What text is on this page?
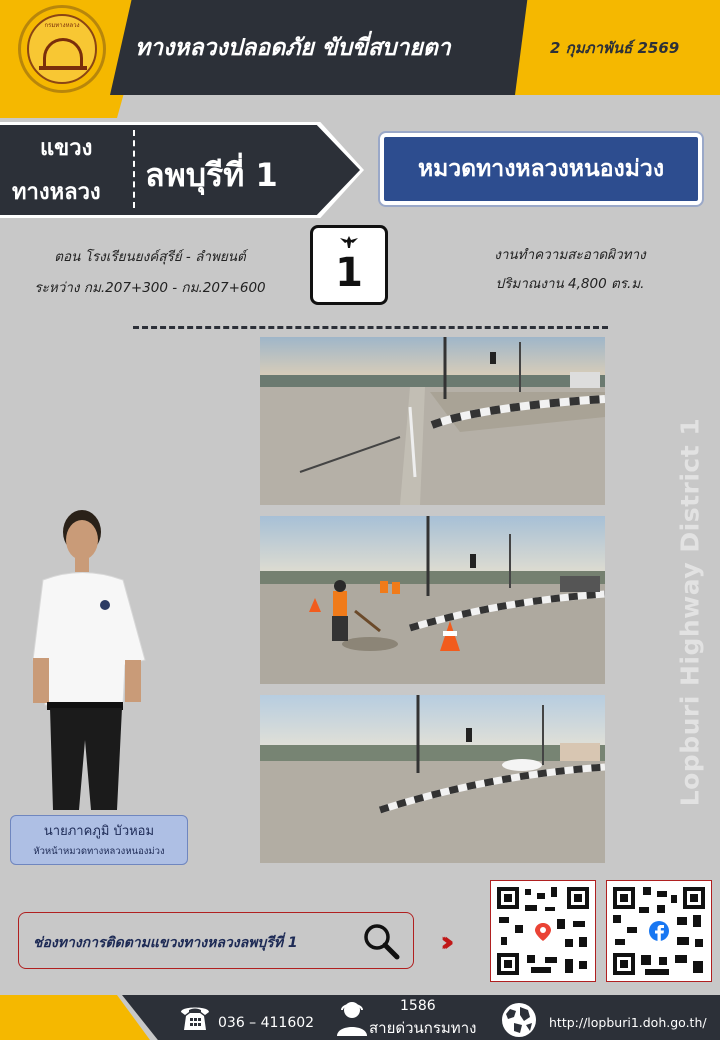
กรมทางหลวง
ทางหลวงปลอดภัย ขับขี่สบายตา	2 กุมภาพันธ์ 2569
แขวง
ทางหลวง ลพบุรีที่ 1	หมวดทางหลวงหนองม่วง
ตอน โรงเรียนยงค์สุรีย์ - ลำพยนต์
ระหว่าง กม.207+300 - กม.207+600	1	งานทำความสะอาดผิวทาง
ปริมาณงาน 4,800 ตร.ม.
Lopburi Highway District 1
นายภาคภูมิ บัวหอม
หัวหน้าหมวดทางหลวงหนองม่วง
ช่องทางการติดตามแขวงทางหลวงลพบุรีที่ 1	›››
036 – 411602
1586
สายด่วนกรมทาง	http://lopburi1.doh.go.th/
